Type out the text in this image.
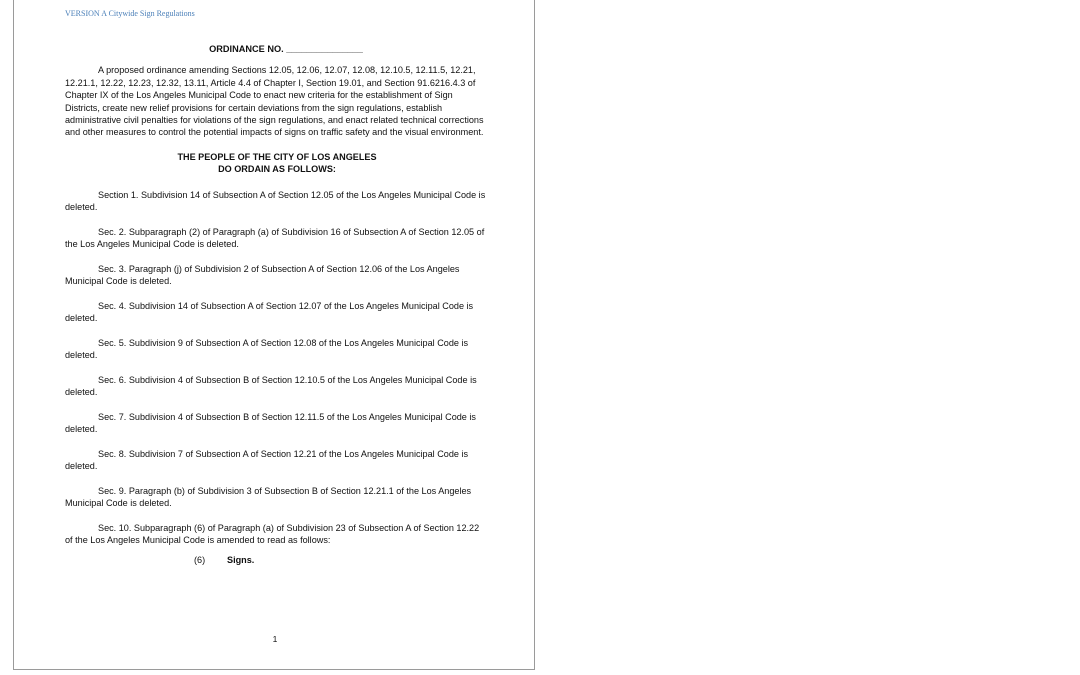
VERSION A Citywide Sign Regulations
ORDINANCE NO. _______________

A proposed ordinance amending Sections 12.05, 12.06, 12.07, 12.08, 12.10.5, 12.11.5, 12.21, 12.21.1, 12.22, 12.23, 12.32, 13.11, Article 4.4 of Chapter I, Section 19.01, and Section 91.6216.4.3 of Chapter IX of the Los Angeles Municipal Code to enact new criteria for the establishment of Sign Districts, create new relief provisions for certain deviations from the sign regulations, establish administrative civil penalties for violations of the sign regulations, and enact related technical corrections and other measures to control the potential impacts of signs on traffic safety and the visual environment.

THE PEOPLE OF THE CITY OF LOS ANGELES
DO ORDAIN AS FOLLOWS:

Section 1. Subdivision 14 of Subsection A of Section 12.05 of the Los Angeles Municipal Code is deleted.

Sec. 2. Subparagraph (2) of Paragraph (a) of Subdivision 16 of Subsection A of Section 12.05 of the Los Angeles Municipal Code is deleted.

Sec. 3. Paragraph (j) of Subdivision 2 of Subsection A of Section 12.06 of the Los Angeles Municipal Code is deleted.

Sec. 4. Subdivision 14 of Subsection A of Section 12.07 of the Los Angeles Municipal Code is deleted.

Sec. 5. Subdivision 9 of Subsection A of Section 12.08 of the Los Angeles Municipal Code is deleted.

Sec. 6. Subdivision 4 of Subsection B of Section 12.10.5 of the Los Angeles Municipal Code is deleted.

Sec. 7. Subdivision 4 of Subsection B of Section 12.11.5 of the Los Angeles Municipal Code is deleted.

Sec. 8. Subdivision 7 of Subsection A of Section 12.21 of the Los Angeles Municipal Code is deleted.

Sec. 9. Paragraph (b) of Subdivision 3 of Subsection B of Section 12.21.1 of the Los Angeles Municipal Code is deleted.

Sec. 10. Subparagraph (6) of Paragraph (a) of Subdivision 23 of Subsection A of Section 12.22 of the Los Angeles Municipal Code is amended to read as follows:

(6) Signs.
1
